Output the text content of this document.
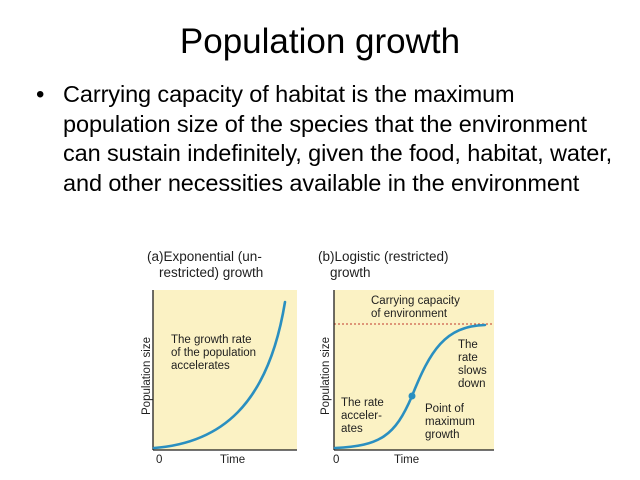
Population growth
• Carrying capacity of habitat is the maximum population size of the species that the environment can sustain indefinitely, given the food, habitat, water, and other necessities available in the environment
(a)Exponential (un-
restricted) growth
Population size
0	Time
The growth rate
of the population
accelerates
(b)Logistic (restricted)
growth
Population size
0	Time
Carrying capacity
of environment
The
rate
slows
down
The rate
acceler-
ates
Point of
maximum
growth
